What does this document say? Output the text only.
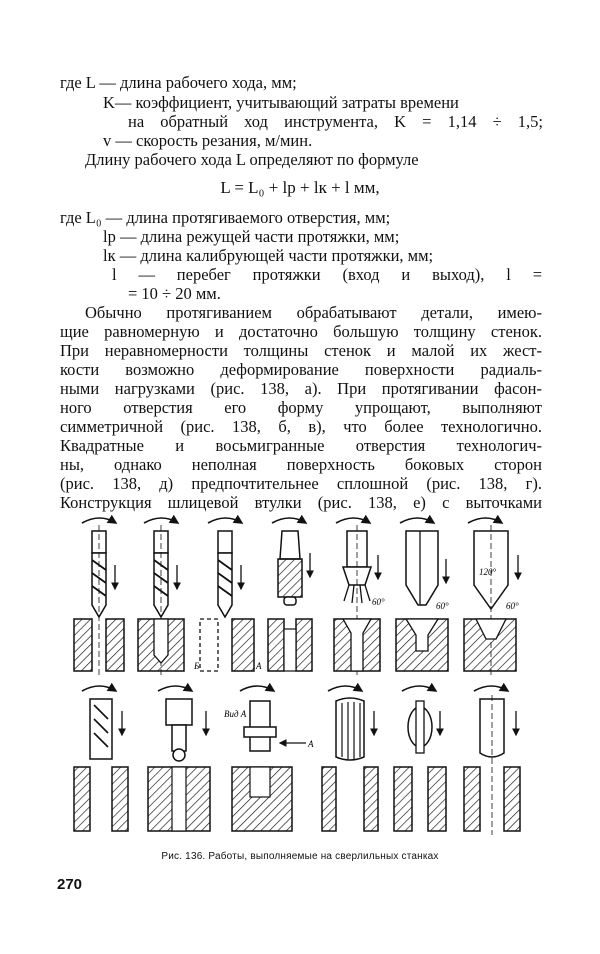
где L — длина рабочего хода, мм;
K— коэффициент, учитывающий затраты времени
на обратный ход инструмента, K = 1,14 ÷ 1,5;
v — скорость резания, м/мин.
Длину рабочего хода L определяют по формуле
L = L₀ + lр + lк + l мм,
где L₀ — длина протягиваемого отверстия, мм;
lр — длина режущей части протяжки, мм;
lк — длина калибрующей части протяжки, мм;
l — перебег протяжки (вход и выход), l =
= 10 ÷ 20 мм.
Обычно протягиванием обрабатывают детали, имею-
щие равномерную и достаточно большую толщину стенок.
При неравномерности толщины стенок и малой их жест-
кости возможно деформирование поверхности радиаль-
ными нагрузками (рис. 138, а). При протягивании фасон-
ного отверстия его форму упрощают, выполняют
симметричной (рис. 138, б, в), что более технологично.
Квадратные и восьмигранные отверстия технологич-
ны, однако неполная поверхность боковых сторон
(рис. 138, д) предпочтительнее сплошной (рис. 138, г).
Конструкция шлицевой втулки (рис. 138, е) с выточками
Б	А
60°	60°
120°
60°
Вид А
А
Рис. 136. Работы, выполняемые на сверлильных станках
270
